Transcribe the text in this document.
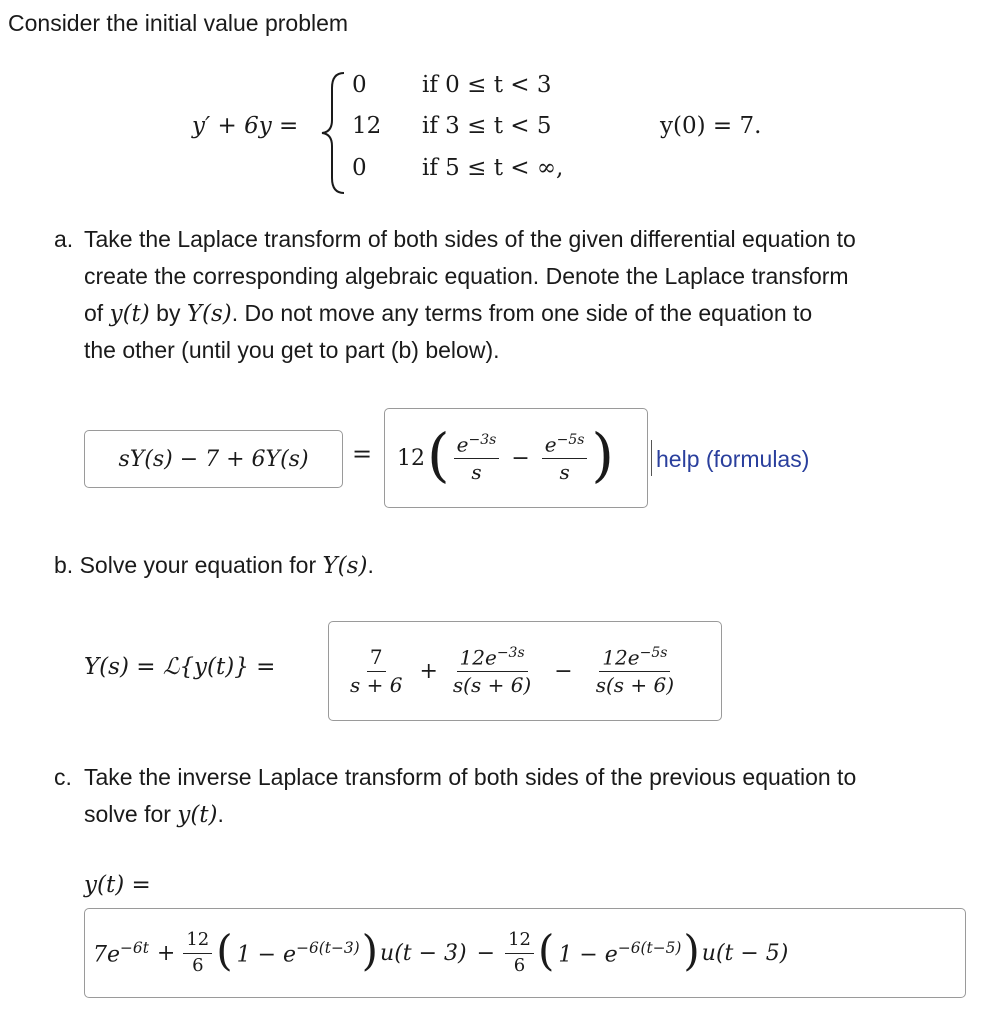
Consider the initial value problem
y′ + 6y =
0
12
0
if 0 ≤ t < 3
if 3 ≤ t < 5
if 5 ≤ t < ∞,
y(0) = 7.
a. Take the Laplace transform of both sides of the given differential equation to
create the corresponding algebraic equation. Denote the Laplace transform
of y(t) by Y(s). Do not move any terms from one side of the equation to
the other (until you get to part (b) below).
sY(s) − 7 + 6Y(s) = 12 ( $\frac{e^{-3s}}{s} - \frac{e^{-5s}}{s}$ ) help (formulas)
b. Solve your equation for Y(s).
Y(s) = ℒ{y(t)} =	$\frac{7}{s + 6} + \frac{12e^{-3s}}{s(s + 6)} - \frac{12e^{-5s}}{s(s + 6)}$
c. Take the inverse Laplace transform of both sides of the previous equation to
solve for y(t).
y(t) =
$7e^{-6t} + \frac{12}{6}$ ( $1 - e^{-6(t-3)}$ ) $u(t - 3) - \frac{12}{6}$ ( $1 - e^{-6(t-5)}$ ) u(t − 5)
